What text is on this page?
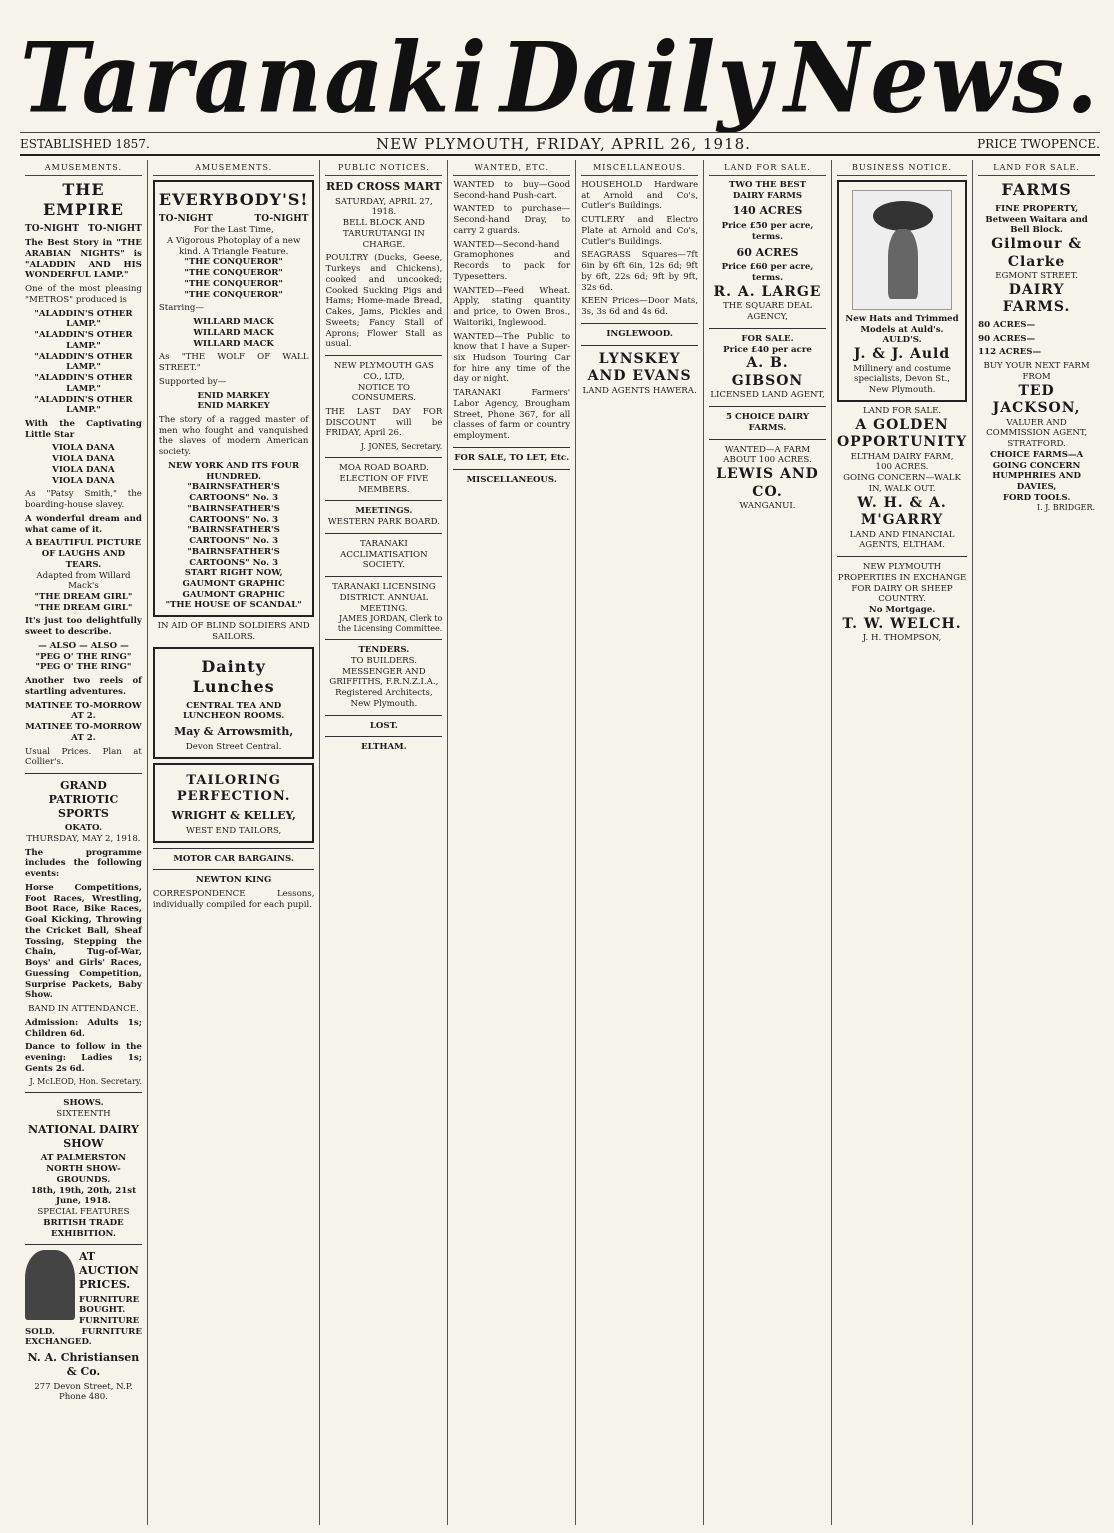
Taranaki Daily News.
ESTABLISHED 1857.	NEW PLYMOUTH, FRIDAY, APRIL 26, 1918.	PRICE TWOPENCE.
AMUSEMENTS.
THE EMPIRE
TO-NIGHT TO-NIGHT
The Best Story in "THE ARABIAN NIGHTS" is "ALADDIN AND HIS WONDERFUL LAMP."
One of the most pleasing "METROS" produced is
"ALADDIN'S OTHER LAMP."
"ALADDIN'S OTHER LAMP."
"ALADDIN'S OTHER LAMP."
"ALADDIN'S OTHER LAMP."
"ALADDIN'S OTHER LAMP."
With the Captivating Little Star
VIOLA DANA
VIOLA DANA
VIOLA DANA
VIOLA DANA
As "Patsy Smith," the boarding-house slavey.
A wonderful dream and what came of it.
A BEAUTIFUL PICTURE OF LAUGHS AND TEARS.
Adapted from Willard Mack's
"THE DREAM GIRL"
"THE DREAM GIRL"
It's just too delightfully sweet to describe.
— ALSO — ALSO —
"PEG O' THE RING"
"PEG O' THE RING"
Another two reels of startling adventures.
MATINEE TO-MORROW AT 2.
MATINEE TO-MORROW AT 2.
Usual Prices. Plan at Collier's.
GRAND PATRIOTIC SPORTS
OKATO.
THURSDAY, MAY 2, 1918.
The programme includes the following events:
Horse Competitions, Foot Races, Wrestling, Boot Race, Bike Races, Goal Kicking, Throwing the Cricket Ball, Sheaf Tossing, Stepping the Chain, Tug-of-War, Boys' and Girls' Races, Guessing Competition, Surprise Packets, Baby Show.
BAND IN ATTENDANCE.
Admission: Adults 1s; Children 6d.
Dance to follow in the evening: Ladies 1s; Gents 2s 6d.
J. McLEOD, Hon. Secretary.
SHOWS.
SIXTEENTH
NATIONAL DAIRY SHOW
AT PALMERSTON NORTH SHOW-GROUNDS.
18th, 19th, 20th, 21st June, 1918.
SPECIAL FEATURES
BRITISH TRADE EXHIBITION.
AT AUCTION PRICES.
FURNITURE BOUGHT. FURNITURE SOLD. FURNITURE EXCHANGED.
N. A. Christiansen & Co.
277 Devon Street, N.P. Phone 480.
AMUSEMENTS.
EVERYBODY'S!
TO-NIGHT	TO-NIGHT
For the Last Time,
A Vigorous Photoplay of a new kind. A Triangle Feature.
"THE CONQUEROR"
"THE CONQUEROR"
"THE CONQUEROR"
"THE CONQUEROR"
Starring—
WILLARD MACK
WILLARD MACK
WILLARD MACK
As "THE WOLF OF WALL STREET."
Supported by—
ENID MARKEY
ENID MARKEY
The story of a ragged master of men who fought and vanquished the slaves of modern American society.
NEW YORK AND ITS FOUR HUNDRED.
"BAIRNSFATHER'S CARTOONS" No. 3
"BAIRNSFATHER'S CARTOONS" No. 3
"BAIRNSFATHER'S CARTOONS" No. 3
"BAIRNSFATHER'S CARTOONS" No. 3
START RIGHT NOW,
GAUMONT GRAPHIC
GAUMONT GRAPHIC
"THE HOUSE OF SCANDAL"
IN AID OF BLIND SOLDIERS AND SAILORS.
Dainty Lunches
CENTRAL TEA AND LUNCHEON ROOMS.
May & Arrowsmith,
Devon Street Central.
TAILORING PERFECTION.
WRIGHT & KELLEY,
WEST END TAILORS,
MOTOR CAR BARGAINS.
NEWTON KING
CORRESPONDENCE Lessons, individually compiled for each pupil.
PUBLIC NOTICES.
RED CROSS MART
SATURDAY, APRIL 27, 1918.
BELL BLOCK AND TARURUTANGI IN CHARGE.
POULTRY (Ducks, Geese, Turkeys and Chickens), cooked and uncooked; Cooked Sucking Pigs and Hams; Home-made Bread, Cakes, Jams, Pickles and Sweets; Fancy Stall of Aprons; Flower Stall as usual.
NEW PLYMOUTH GAS CO., LTD,
NOTICE TO CONSUMERS.
THE LAST DAY FOR DISCOUNT will be FRIDAY, April 26.
J. JONES, Secretary.
MOA ROAD BOARD.
ELECTION OF FIVE MEMBERS.
MEETINGS.
WESTERN PARK BOARD.
TARANAKI ACCLIMATISATION SOCIETY.
TARANAKI LICENSING DISTRICT. ANNUAL MEETING.
JAMES JORDAN, Clerk to the Licensing Committee.
TENDERS.
TO BUILDERS.
MESSENGER AND GRIFFITHS, F.R.N.Z.I.A., Registered Architects, New Plymouth.
LOST.
ELTHAM.
WANTED, ETC.
WANTED to buy—Good Second-hand Push-cart.
WANTED to purchase—Second-hand Dray, to carry 2 guards.
WANTED—Second-hand Gramophones and Records to pack for Typesetters.
WANTED—Feed Wheat. Apply, stating quantity and price, to Owen Bros., Waitoriki, Inglewood.
WANTED—The Public to know that I have a Super-six Hudson Touring Car for hire any time of the day or night.
TARANAKI Farmers' Labor Agency, Brougham Street, Phone 367, for all classes of farm or country employment.
FOR SALE, TO LET, Etc.
MISCELLANEOUS.
MISCELLANEOUS.
HOUSEHOLD Hardware at Arnold and Co's, Cutler's Buildings.
CUTLERY and Electro Plate at Arnold and Co's, Cutler's Buildings.
SEAGRASS Squares—7ft 6in by 6ft 6in, 12s 6d; 9ft by 6ft, 22s 6d; 9ft by 9ft, 32s 6d.
KEEN Prices—Door Mats, 3s, 3s 6d and 4s 6d.
INGLEWOOD.
LYNSKEY AND EVANS
LAND AGENTS HAWERA.
LAND FOR SALE.
TWO THE BEST
DAIRY FARMS
140 ACRES
Price £50 per acre, terms.
60 ACRES
Price £60 per acre, terms.
R. A. LARGE
THE SQUARE DEAL AGENCY,
FOR SALE.
Price £40 per acre
A. B. GIBSON
LICENSED LAND AGENT,
5 CHOICE DAIRY FARMS.
WANTED—A FARM ABOUT 100 ACRES.
LEWIS AND CO.
WANGANUI.
BUSINESS NOTICE.
New Hats and Trimmed Models at Auld's.
AULD'S.
J. & J. Auld
Millinery and costume specialists, Devon St., New Plymouth.
LAND FOR SALE.
A GOLDEN OPPORTUNITY
ELTHAM DAIRY FARM,
100 ACRES.
GOING CONCERN—WALK IN, WALK OUT.
W. H. & A. M'GARRY
LAND AND FINANCIAL AGENTS, ELTHAM.
NEW PLYMOUTH PROPERTIES IN EXCHANGE FOR DAIRY OR SHEEP COUNTRY.
No Mortgage.
T. W. WELCH.
J. H. THOMPSON,
LAND FOR SALE.
FARMS
FINE PROPERTY,
Between Waitara and Bell Block.
Gilmour & Clarke
EGMONT STREET.
DAIRY FARMS.
80 ACRES—
90 ACRES—
112 ACRES—
BUY YOUR NEXT FARM FROM
TED JACKSON,
VALUER AND COMMISSION AGENT, STRATFORD.
CHOICE FARMS—A GOING CONCERN
HUMPHRIES AND DAVIES,
FORD TOOLS.
I. J. BRIDGER.
